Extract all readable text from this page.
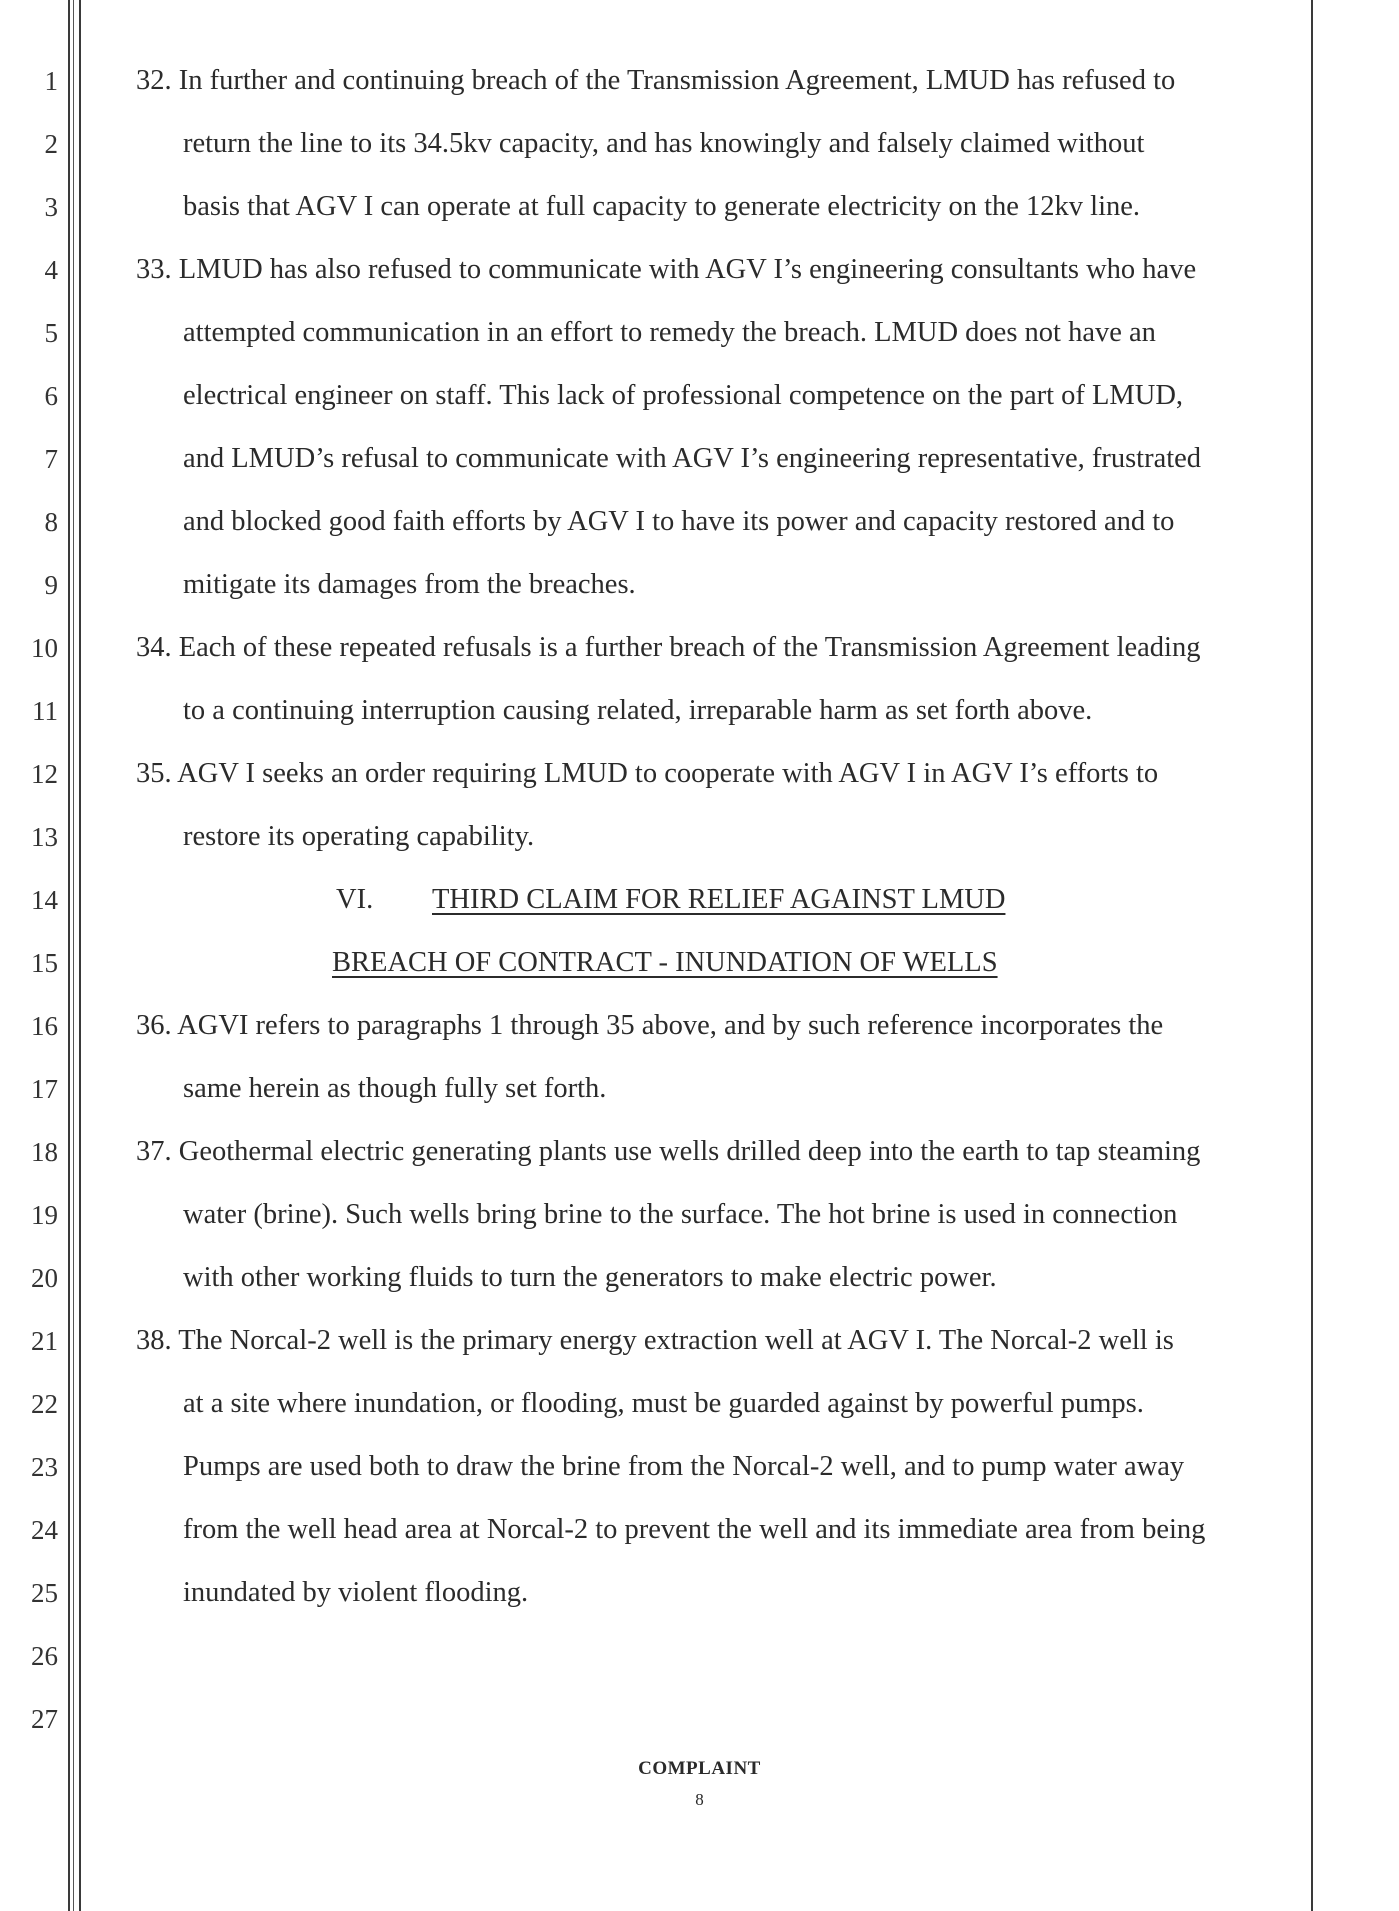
1
2
3
4
5
6
7
8
9
10
11
12
13
14
15
16
17
18
19
20
21
22
23
24
25
26
27
32. In further and continuing breach of the Transmission Agreement, LMUD has refused to
return the line to its 34.5kv capacity, and has knowingly and falsely claimed without
basis that AGV I can operate at full capacity to generate electricity on the 12kv line.
33. LMUD has also refused to communicate with AGV I’s engineering consultants who have
attempted communication in an effort to remedy the breach. LMUD does not have an
electrical engineer on staff. This lack of professional competence on the part of LMUD,
and LMUD’s refusal to communicate with AGV I’s engineering representative, frustrated
and blocked good faith efforts by AGV I to have its power and capacity restored and to
mitigate its damages from the breaches.
34. Each of these repeated refusals is a further breach of the Transmission Agreement leading
to a continuing interruption causing related, irreparable harm as set forth above.
35. AGV I seeks an order requiring LMUD to cooperate with AGV I in AGV I’s efforts to
restore its operating capability.
VI. THIRD CLAIM FOR RELIEF AGAINST LMUD
BREACH OF CONTRACT - INUNDATION OF WELLS
36. AGVI refers to paragraphs 1 through 35 above, and by such reference incorporates the
same herein as though fully set forth.
37. Geothermal electric generating plants use wells drilled deep into the earth to tap steaming
water (brine). Such wells bring brine to the surface. The hot brine is used in connection
with other working fluids to turn the generators to make electric power.
38. The Norcal-2 well is the primary energy extraction well at AGV I. The Norcal-2 well is
at a site where inundation, or flooding, must be guarded against by powerful pumps.
Pumps are used both to draw the brine from the Norcal-2 well, and to pump water away
from the well head area at Norcal-2 to prevent the well and its immediate area from being
inundated by violent flooding.
COMPLAINT
8
